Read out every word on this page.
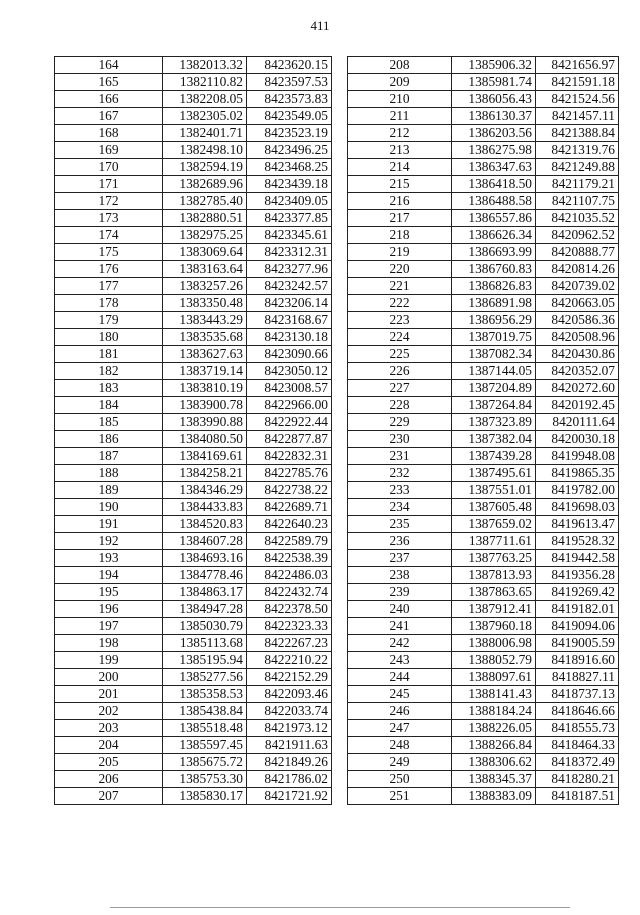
411
164	1382013.32	8423620.15
165	1382110.82	8423597.53
166	1382208.05	8423573.83
167	1382305.02	8423549.05
168	1382401.71	8423523.19
169	1382498.10	8423496.25
170	1382594.19	8423468.25
171	1382689.96	8423439.18
172	1382785.40	8423409.05
173	1382880.51	8423377.85
174	1382975.25	8423345.61
175	1383069.64	8423312.31
176	1383163.64	8423277.96
177	1383257.26	8423242.57
178	1383350.48	8423206.14
179	1383443.29	8423168.67
180	1383535.68	8423130.18
181	1383627.63	8423090.66
182	1383719.14	8423050.12
183	1383810.19	8423008.57
184	1383900.78	8422966.00
185	1383990.88	8422922.44
186	1384080.50	8422877.87
187	1384169.61	8422832.31
188	1384258.21	8422785.76
189	1384346.29	8422738.22
190	1384433.83	8422689.71
191	1384520.83	8422640.23
192	1384607.28	8422589.79
193	1384693.16	8422538.39
194	1384778.46	8422486.03
195	1384863.17	8422432.74
196	1384947.28	8422378.50
197	1385030.79	8422323.33
198	1385113.68	8422267.23
199	1385195.94	8422210.22
200	1385277.56	8422152.29
201	1385358.53	8422093.46
202	1385438.84	8422033.74
203	1385518.48	8421973.12
204	1385597.45	8421911.63
205	1385675.72	8421849.26
206	1385753.30	8421786.02
207	1385830.17	8421721.92
208	1385906.32	8421656.97
209	1385981.74	8421591.18
210	1386056.43	8421524.56
211	1386130.37	8421457.11
212	1386203.56	8421388.84
213	1386275.98	8421319.76
214	1386347.63	8421249.88
215	1386418.50	8421179.21
216	1386488.58	8421107.75
217	1386557.86	8421035.52
218	1386626.34	8420962.52
219	1386693.99	8420888.77
220	1386760.83	8420814.26
221	1386826.83	8420739.02
222	1386891.98	8420663.05
223	1386956.29	8420586.36
224	1387019.75	8420508.96
225	1387082.34	8420430.86
226	1387144.05	8420352.07
227	1387204.89	8420272.60
228	1387264.84	8420192.45
229	1387323.89	8420111.64
230	1387382.04	8420030.18
231	1387439.28	8419948.08
232	1387495.61	8419865.35
233	1387551.01	8419782.00
234	1387605.48	8419698.03
235	1387659.02	8419613.47
236	1387711.61	8419528.32
237	1387763.25	8419442.58
238	1387813.93	8419356.28
239	1387863.65	8419269.42
240	1387912.41	8419182.01
241	1387960.18	8419094.06
242	1388006.98	8419005.59
243	1388052.79	8418916.60
244	1388097.61	8418827.11
245	1388141.43	8418737.13
246	1388184.24	8418646.66
247	1388226.05	8418555.73
248	1388266.84	8418464.33
249	1388306.62	8418372.49
250	1388345.37	8418280.21
251	1388383.09	8418187.51
